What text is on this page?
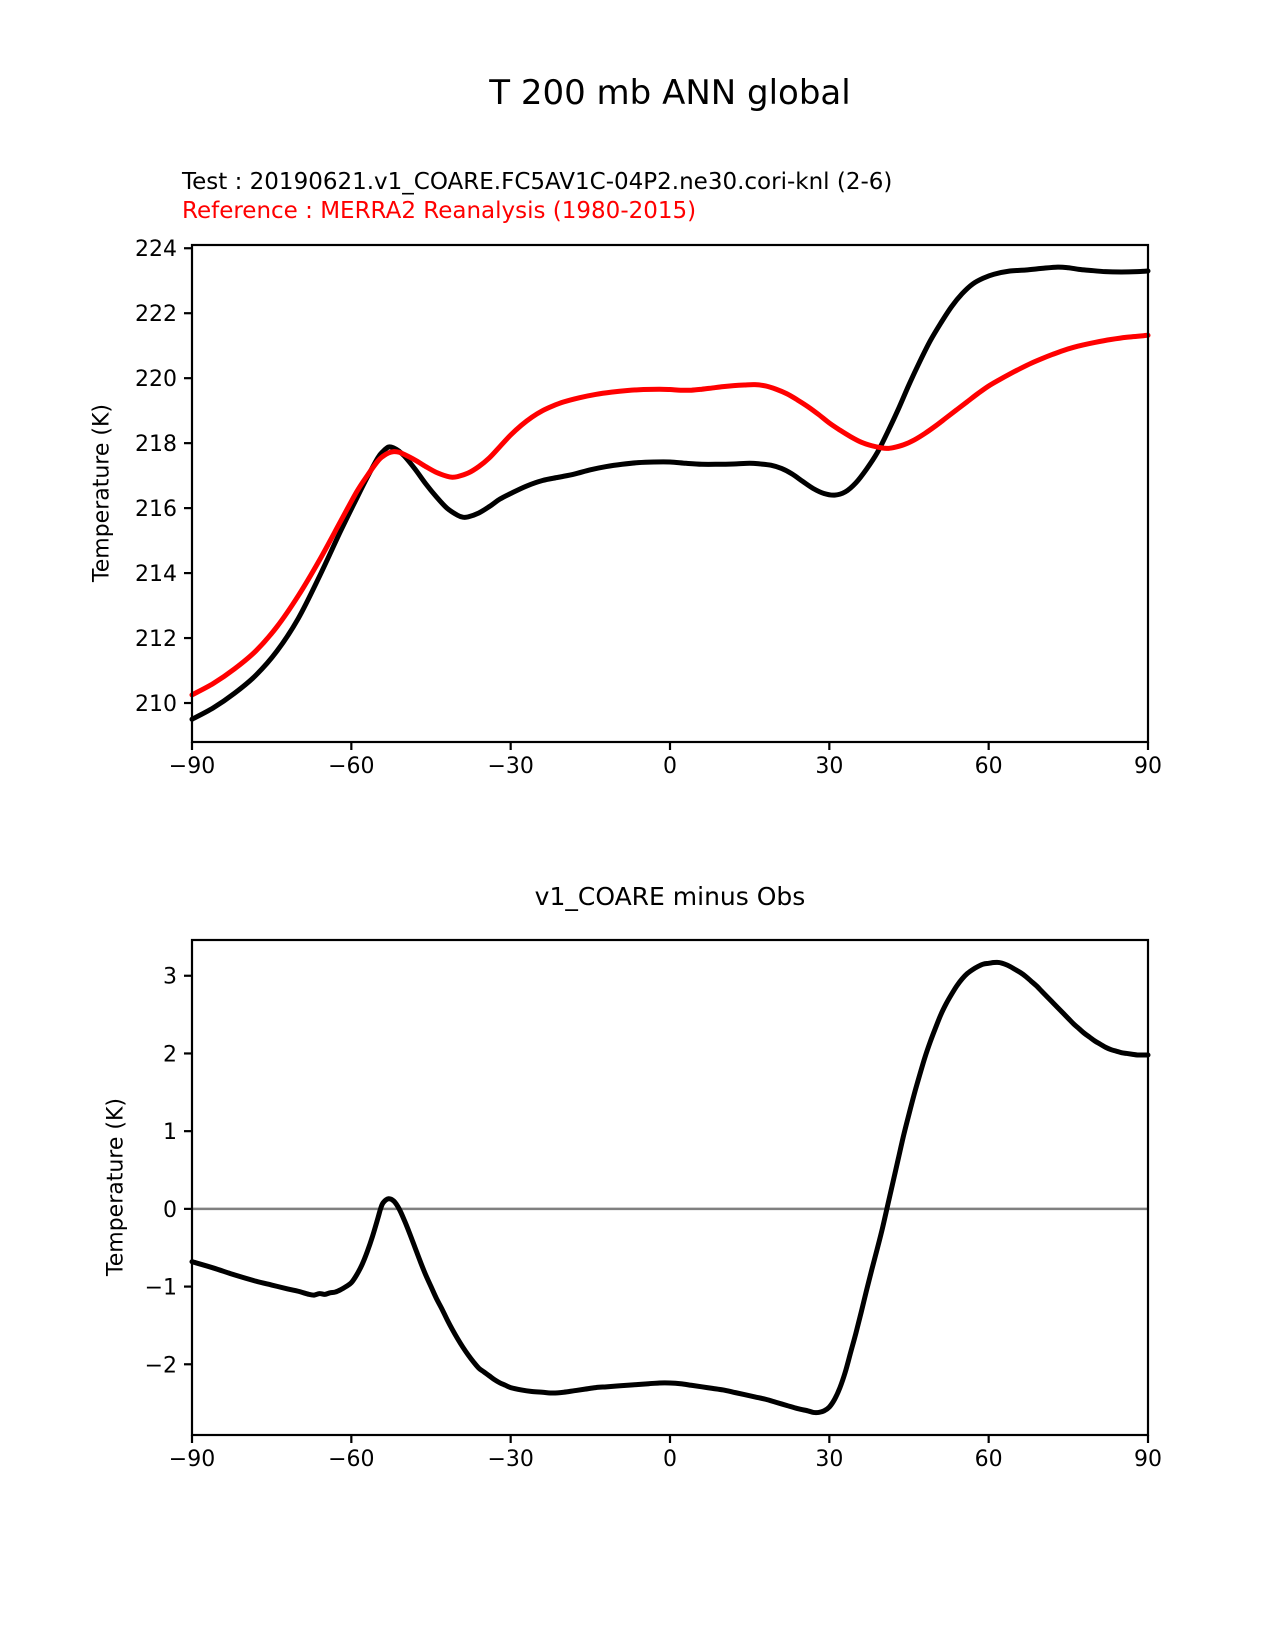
T 200 mb ANN global
Test : 20190621.v1_COARE.FC5AV1C-04P2.ne30.cori-knl (2-6)
Reference : MERRA2 Reanalysis (1980-2015)
Temperature (K)
−90	−60	−30	0	30	60	90
210
212
214
216
218
220
222
224
v1_COARE minus Obs
Temperature (K)
−90	−60	−30	0	30	60	90
−2
−1
0
1
2
3
